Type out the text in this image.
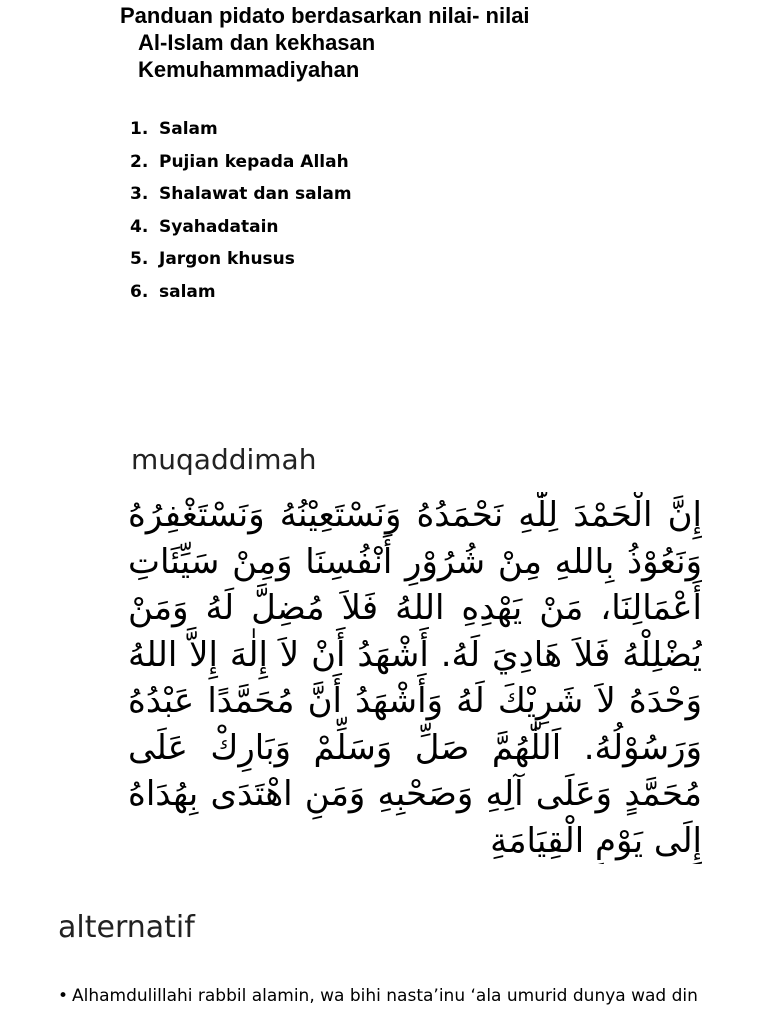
Panduan pidato berdasarkan nilai- nilai
Al-Islam dan kekhasan
Kemuhammadiyahan
1. Salam
2. Pujian kepada Allah
3. Shalawat dan salam
4. Syahadatain
5. Jargon khusus
6. salam
muqaddimah

إِنَّ الْحَمْدَ لِلّٰهِ نَحْمَدُهُ وَنَسْتَعِيْنُهُ وَنَسْتَغْفِرُهُ وَنَعُوْذُ بِاللهِ مِنْ شُرُوْرِ أَنْفُسِنَا وَمِنْ سَيِّئَاتِ أَعْمَالِنَا، مَنْ يَهْدِهِ اللهُ فَلاَ مُضِلَّ لَهُ وَمَنْ يُضْلِلْهُ فَلاَ هَادِيَ لَهُ. أَشْهَدُ أَنْ لاَ إِلٰهَ إِلاَّ اللهُ وَحْدَهُ لاَ شَرِيْكَ لَهُ وَأَشْهَدُ أَنَّ مُحَمَّدًا عَبْدُهُ وَرَسُوْلُهُ. اَللّٰهُمَّ صَلِّ وَسَلِّمْ وَبَارِكْ عَلَى مُحَمَّدٍ وَعَلَى آلِهِ وَصَحْبِهِ وَمَنِ اهْتَدَى بِهُدَاهُ إِلَى يَوْمِ الْقِيَامَةِ

alternatif
• Alhamdulillahi rabbil alamin, wa bihi nasta’inu ‘ala umurid dunya wad din
